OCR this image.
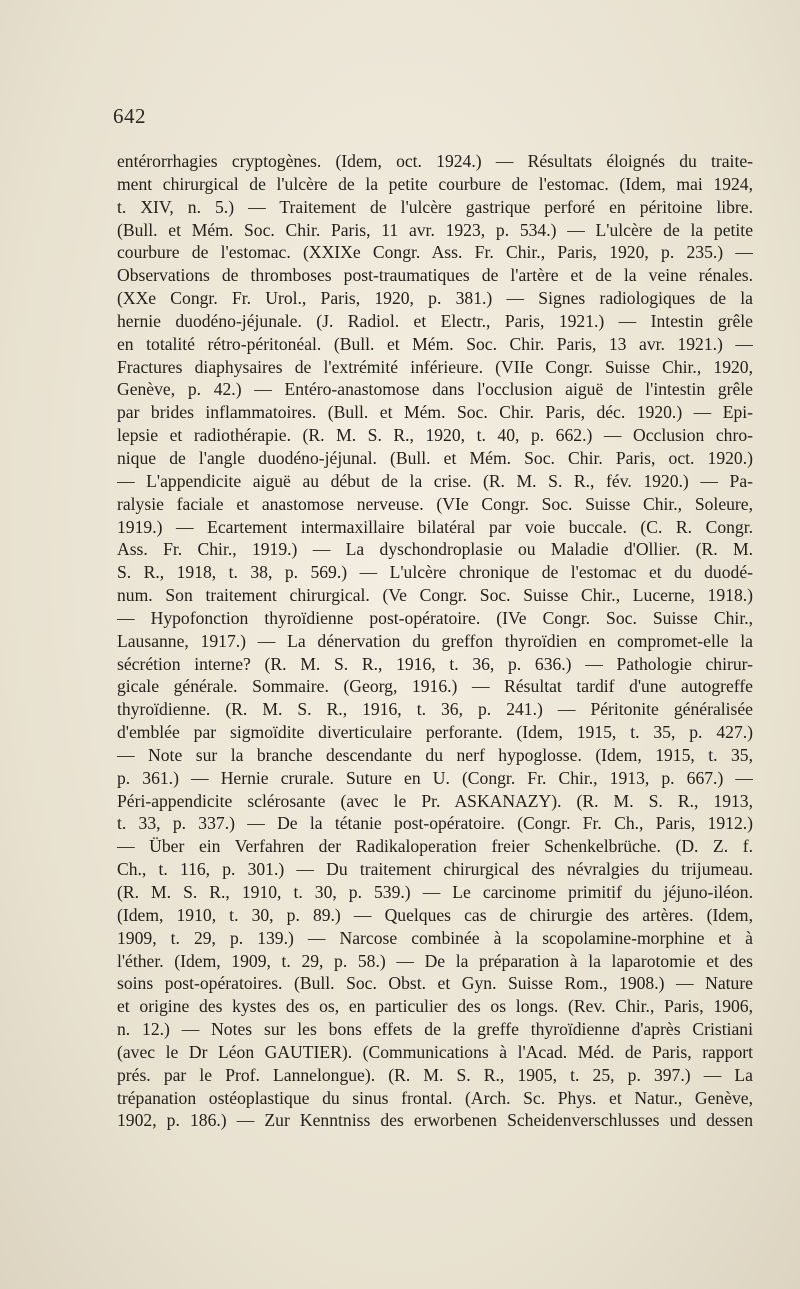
642
entérorrhagies cryptogènes. (Idem, oct. 1924.) — Résultats éloignés du traite-
ment chirurgical de l'ulcère de la petite courbure de l'estomac. (Idem, mai 1924,
t. XIV, n. 5.) — Traitement de l'ulcère gastrique perforé en péritoine libre.
(Bull. et Mém. Soc. Chir. Paris, 11 avr. 1923, p. 534.) — L'ulcère de la petite
courbure de l'estomac. (XXIXe Congr. Ass. Fr. Chir., Paris, 1920, p. 235.) —
Observations de thromboses post-traumatiques de l'artère et de la veine rénales.
(XXe Congr. Fr. Urol., Paris, 1920, p. 381.) — Signes radiologiques de la
hernie duodéno-jéjunale. (J. Radiol. et Electr., Paris, 1921.) — Intestin grêle
en totalité rétro-péritonéal. (Bull. et Mém. Soc. Chir. Paris, 13 avr. 1921.) —
Fractures diaphysaires de l'extrémité inférieure. (VIIe Congr. Suisse Chir., 1920,
Genève, p. 42.) — Entéro-anastomose dans l'occlusion aiguë de l'intestin grêle
par brides inflammatoires. (Bull. et Mém. Soc. Chir. Paris, déc. 1920.) — Epi-
lepsie et radiothérapie. (R. M. S. R., 1920, t. 40, p. 662.) — Occlusion chro-
nique de l'angle duodéno-jéjunal. (Bull. et Mém. Soc. Chir. Paris, oct. 1920.)
— L'appendicite aiguë au début de la crise. (R. M. S. R., fév. 1920.) — Pa-
ralysie faciale et anastomose nerveuse. (VIe Congr. Soc. Suisse Chir., Soleure,
1919.) — Ecartement intermaxillaire bilatéral par voie buccale. (C. R. Congr.
Ass. Fr. Chir., 1919.) — La dyschondroplasie ou Maladie d'Ollier. (R. M.
S. R., 1918, t. 38, p. 569.) — L'ulcère chronique de l'estomac et du duodé-
num. Son traitement chirurgical. (Ve Congr. Soc. Suisse Chir., Lucerne, 1918.)
— Hypofonction thyroïdienne post-opératoire. (IVe Congr. Soc. Suisse Chir.,
Lausanne, 1917.) — La dénervation du greffon thyroïdien en compromet-elle la
sécrétion interne? (R. M. S. R., 1916, t. 36, p. 636.) — Pathologie chirur-
gicale générale. Sommaire. (Georg, 1916.) — Résultat tardif d'une autogreffe
thyroïdienne. (R. M. S. R., 1916, t. 36, p. 241.) — Péritonite généralisée
d'emblée par sigmoïdite diverticulaire perforante. (Idem, 1915, t. 35, p. 427.)
— Note sur la branche descendante du nerf hypoglosse. (Idem, 1915, t. 35,
p. 361.) — Hernie crurale. Suture en U. (Congr. Fr. Chir., 1913, p. 667.) —
Péri-appendicite sclérosante (avec le Pr. ASKANAZY). (R. M. S. R., 1913,
t. 33, p. 337.) — De la tétanie post-opératoire. (Congr. Fr. Ch., Paris, 1912.)
— Über ein Verfahren der Radikaloperation freier Schenkelbrüche. (D. Z. f.
Ch., t. 116, p. 301.) — Du traitement chirurgical des névralgies du trijumeau.
(R. M. S. R., 1910, t. 30, p. 539.) — Le carcinome primitif du jéjuno-iléon.
(Idem, 1910, t. 30, p. 89.) — Quelques cas de chirurgie des artères. (Idem,
1909, t. 29, p. 139.) — Narcose combinée à la scopolamine-morphine et à
l'éther. (Idem, 1909, t. 29, p. 58.) — De la préparation à la laparotomie et des
soins post-opératoires. (Bull. Soc. Obst. et Gyn. Suisse Rom., 1908.) — Nature
et origine des kystes des os, en particulier des os longs. (Rev. Chir., Paris, 1906,
n. 12.) — Notes sur les bons effets de la greffe thyroïdienne d'après Cristiani
(avec le Dr Léon GAUTIER). (Communications à l'Acad. Méd. de Paris, rapport
prés. par le Prof. Lannelongue). (R. M. S. R., 1905, t. 25, p. 397.) — La
trépanation ostéoplastique du sinus frontal. (Arch. Sc. Phys. et Natur., Genève,
1902, p. 186.) — Zur Kenntniss des erworbenen Scheidenverschlusses und dessen
